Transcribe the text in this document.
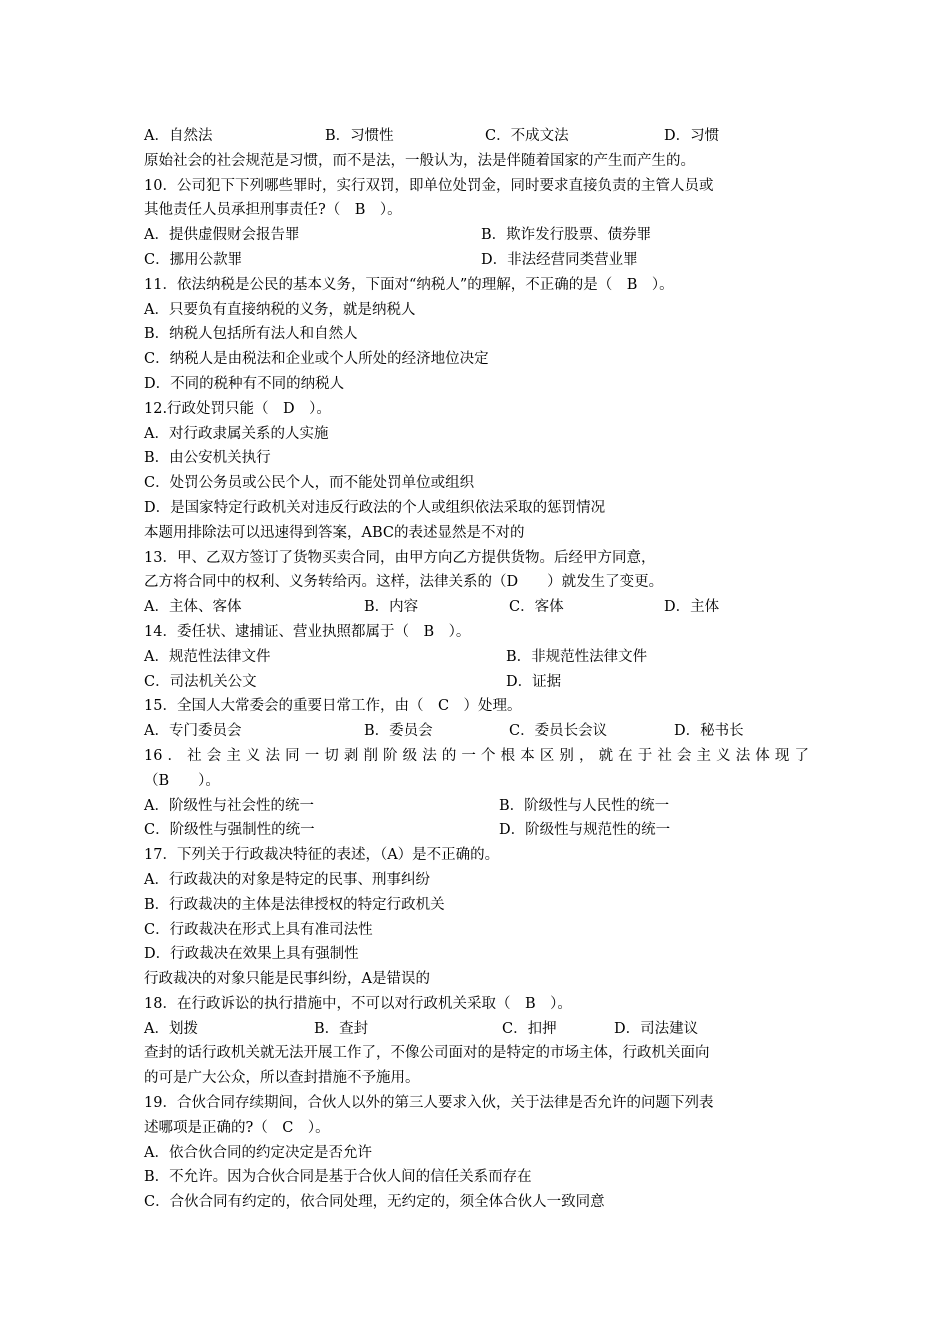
A．自然法	B．习惯性	C．不成文法	D．习惯
原始社会的社会规范是习惯，而不是法，一般认为，法是伴随着国家的产生而产生的。
10．公司犯下下列哪些罪时，实行双罚，即单位处罚金，同时要求直接负责的主管人员或
其他责任人员承担刑事责任?（　B　）。
A．提供虚假财会报告罪	B．欺诈发行股票、债券罪
C．挪用公款罪	D．非法经营同类营业罪
11．依法纳税是公民的基本义务，下面对“纳税人”的理解，不正确的是（　B　）。
A．只要负有直接纳税的义务，就是纳税人
B．纳税人包括所有法人和自然人
C．纳税人是由税法和企业或个人所处的经济地位决定
D．不同的税种有不同的纳税人
12.行政处罚只能（　D　）。
A．对行政隶属关系的人实施
B．由公安机关执行
C．处罚公务员或公民个人，而不能处罚单位或组织
D．是国家特定行政机关对违反行政法的个人或组织依法采取的惩罚情况
本题用排除法可以迅速得到答案，ABC的表述显然是不对的
13．甲、乙双方签订了货物买卖合同，由甲方向乙方提供货物。后经甲方同意，
乙方将合同中的权利、义务转给丙。这样，法律关系的（D　　）就发生了变更。
A．主体、客体	B．内容	C．客体	D．主体
14．委任状、逮捕证、营业执照都属于（　B　）。
A．规范性法律文件	B．非规范性法律文件
C．司法机关公文	D．证据
15．全国人大常委会的重要日常工作，由（　C　）处理。
A．专门委员会	B．委员会	C．委员长会议	D．秘书长
16．社会主义法同一切剥削阶级法的一个根本区别，就在于社会主义法体现了
（B　　）。
A．阶级性与社会性的统一	B．阶级性与人民性的统一
C．阶级性与强制性的统一	D．阶级性与规范性的统一
17．下列关于行政裁决特征的表述，（A）是不正确的。
A．行政裁决的对象是特定的民事、刑事纠纷
B．行政裁决的主体是法律授权的特定行政机关
C．行政裁决在形式上具有准司法性
D．行政裁决在效果上具有强制性
行政裁决的对象只能是民事纠纷，A是错误的
18．在行政诉讼的执行措施中，不可以对行政机关采取（　B　）。
A．划拨	B．查封	C．扣押	D．司法建议
查封的话行政机关就无法开展工作了，不像公司面对的是特定的市场主体，行政机关面向
的可是广大公众，所以查封措施不予施用。
19．合伙合同存续期间，合伙人以外的第三人要求入伙，关于法律是否允许的问题下列表
述哪项是正确的?（　C　）。
A．依合伙合同的约定决定是否允许
B．不允许。因为合伙合同是基于合伙人间的信任关系而存在
C．合伙合同有约定的，依合同处理，无约定的，须全体合伙人一致同意
